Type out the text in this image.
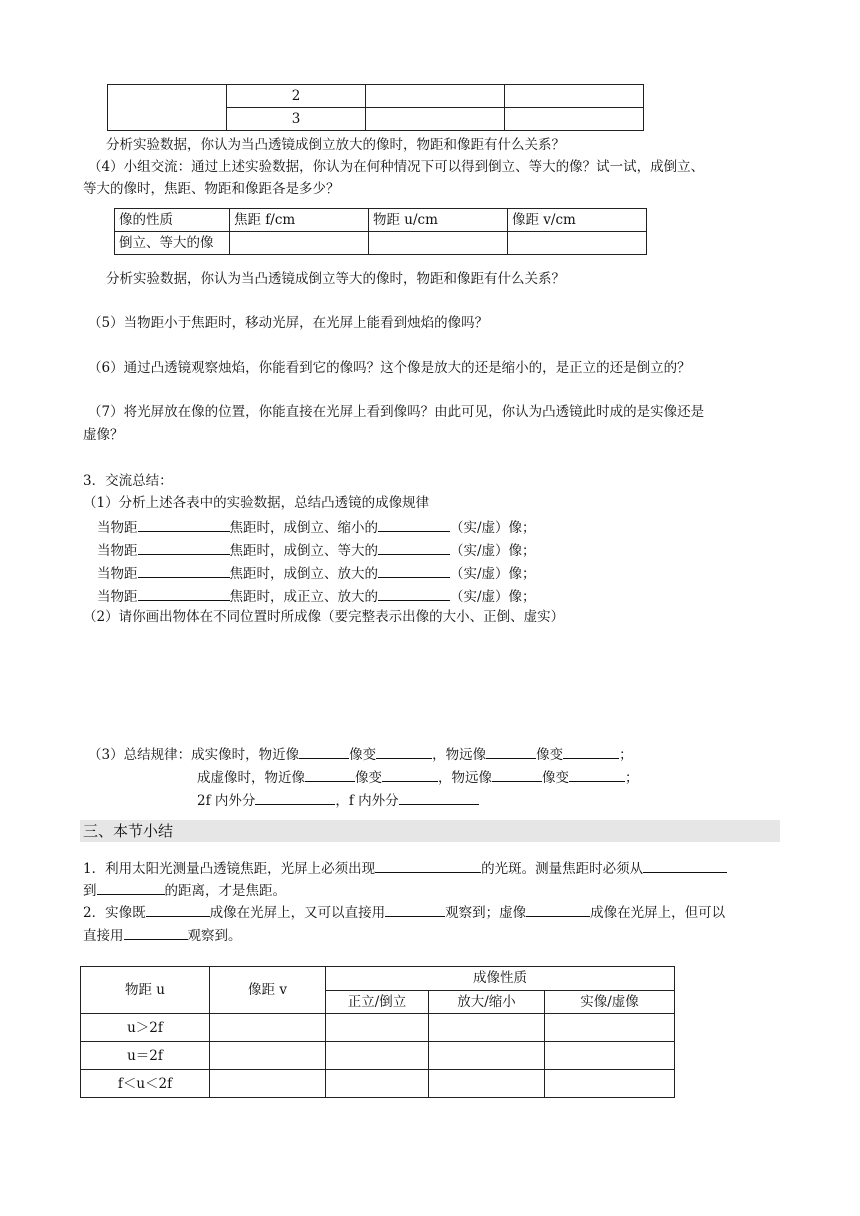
	2		
	3		
分析实验数据，你认为当凸透镜成倒立放大的像时，物距和像距有什么关系？
（4）小组交流：通过上述实验数据，你认为在何种情况下可以得到倒立、等大的像？试一试，成倒立、
等大的像时，焦距、物距和像距各是多少？
像的性质	焦距 f/cm	物距 u/cm	像距 v/cm
倒立、等大的像			
分析实验数据，你认为当凸透镜成倒立等大的像时，物距和像距有什么关系？
（5）当物距小于焦距时，移动光屏，在光屏上能看到烛焰的像吗？
（6）通过凸透镜观察烛焰，你能看到它的像吗？这个像是放大的还是缩小的，是正立的还是倒立的？
（7）将光屏放在像的位置，你能直接在光屏上看到像吗？由此可见，你认为凸透镜此时成的是实像还是
虚像？
3．交流总结：
（1）分析上述各表中的实验数据，总结凸透镜的成像规律
当物距	焦距时，成倒立、缩小的	（实/虚）像；
当物距	焦距时，成倒立、等大的	（实/虚）像；
当物距	焦距时，成倒立、放大的	（实/虚）像；
当物距	焦距时，成正立、放大的	（实/虚）像；
（2）请你画出物体在不同位置时所成像（要完整表示出像的大小、正倒、虚实）
（3）总结规律：成实像时，物近像	像变	，物远像	像变	；
成虚像时，物近像	像变	，物远像	像变	；
2f 内外分	，f 内外分
三、本节小结
1．利用太阳光测量凸透镜焦距，光屏上必须出现	的光斑。测量焦距时必须从
到	的距离，才是焦距。
2．实像既	成像在光屏上，又可以直接用	观察到；虚像	成像在光屏上，但可以
直接用	观察到。
物距 u	像距 v	成像性质		
		正立/倒立	放大/缩小	实像/虚像
u＞2f				
u＝2f				
f＜u＜2f				
